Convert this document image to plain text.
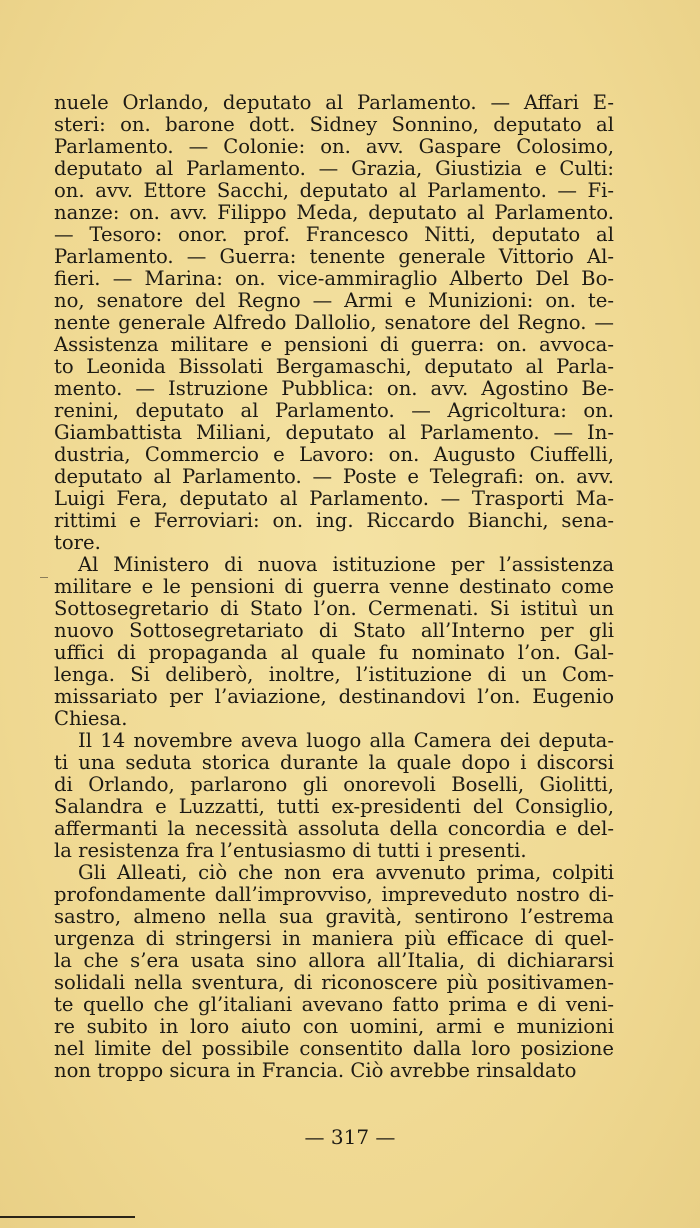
nuele Orlando, deputato al Parlamento. — Affari E-
steri: on. barone dott. Sidney Sonnino, deputato al
Parlamento. — Colonie: on. avv. Gaspare Colosimo,
deputato al Parlamento. — Grazia, Giustizia e Culti:
on. avv. Ettore Sacchi, deputato al Parlamento. — Fi-
nanze: on. avv. Filippo Meda, deputato al Parlamento.
— Tesoro: onor. prof. Francesco Nitti, deputato al
Parlamento. — Guerra: tenente generale Vittorio Al-
fieri. — Marina: on. vice-ammiraglio Alberto Del Bo-
no, senatore del Regno — Armi e Munizioni: on. te-
nente generale Alfredo Dallolio, senatore del Regno. —
Assistenza militare e pensioni di guerra: on. avvoca-
to Leonida Bissolati Bergamaschi, deputato al Parla-
mento. — Istruzione Pubblica: on. avv. Agostino Be-
renini, deputato al Parlamento. — Agricoltura: on.
Giambattista Miliani, deputato al Parlamento. — In-
dustria, Commercio e Lavoro: on. Augusto Ciuffelli,
deputato al Parlamento. — Poste e Telegrafi: on. avv.
Luigi Fera, deputato al Parlamento. — Trasporti Ma-
rittimi e Ferroviari: on. ing. Riccardo Bianchi, sena-
tore.
Al Ministero di nuova istituzione per l’assistenza
militare e le pensioni di guerra venne destinato come
Sottosegretario di Stato l’on. Cermenati. Si istituì un
nuovo Sottosegretariato di Stato all’Interno per gli
uffici di propaganda al quale fu nominato l’on. Gal-
lenga. Si deliberò, inoltre, l’istituzione di un Com-
missariato per l’aviazione, destinandovi l’on. Eugenio
Chiesa.
Il 14 novembre aveva luogo alla Camera dei deputa-
ti una seduta storica durante la quale dopo i discorsi
di Orlando, parlarono gli onorevoli Boselli, Giolitti,
Salandra e Luzzatti, tutti ex-presidenti del Consiglio,
affermanti la necessità assoluta della concordia e del-
la resistenza fra l’entusiasmo di tutti i presenti.
Gli Alleati, ciò che non era avvenuto prima, colpiti
profondamente dall’improvviso, impreveduto nostro di-
sastro, almeno nella sua gravità, sentirono l’estrema
urgenza di stringersi in maniera più efficace di quel-
la che s’era usata sino allora all’Italia, di dichiararsi
solidali nella sventura, di riconoscere più positivamen-
te quello che gl’italiani avevano fatto prima e di veni-
re subito in loro aiuto con uomini, armi e munizioni
nel limite del possibile consentito dalla loro posizione
non troppo sicura in Francia. Ciò avrebbe rinsaldato
— 317 —
